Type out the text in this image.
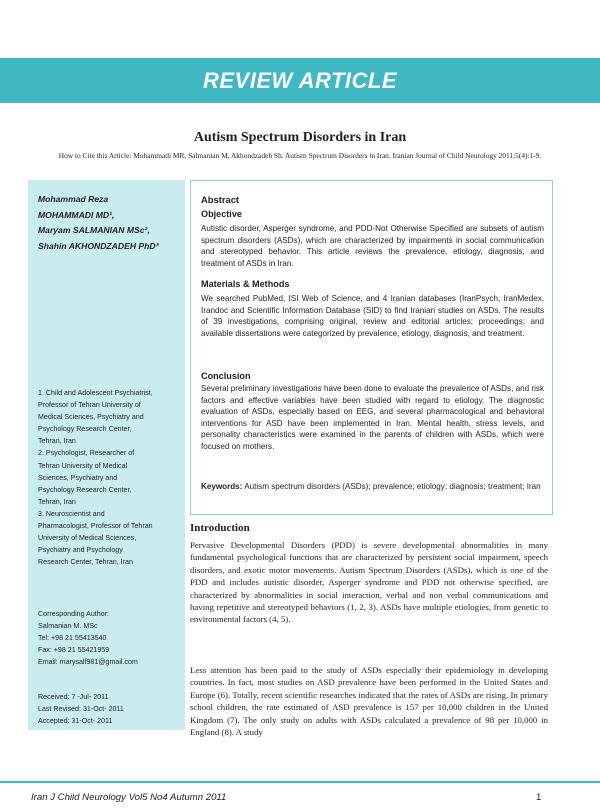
REVIEW ARTICLE
Autism Spectrum Disorders in Iran
How to Cite this Article: Mohammadi MR, Salmanian M, Akhondzadeh Sh. Autism Spectrum Disorders in Iran. Iranian Journal of Child Neurology 2011;5(4):1-9.
Mohammad Reza
MOHAMMADI MD¹,
Maryam SALMANIAN MSc²,
Shahin AKHONDZADEH PhD³
1. Child and Adolescent Psychiatrist,
Professor of Tehran University of
Medical Sciences, Psychiatry and
Psychology Research Center,
Tehran, Iran
2. Psychologist, Researcher of
Tehran University of Medical
Sciences, Psychiatry and
Psychology Research Center,
Tehran, Iran
3. Neuroscientist and
Pharmacologist, Professor of Tehran
University of Medical Sciences,
Psychiatry and Psychology
Research Center, Tehran, Iran
Corresponding Author:
Salmanian M. MSc
Tel: +98 21 55413540
Fax: +98 21 55421959
Email: marysalf981@gmail.com
Received: 7 -Jul- 2011
Last Revised: 31-Oct- 2011
Accepted: 31-Oct- 2011
Abstract
Objective
Autistic disorder, Asperger syndrome, and PDD-Not Otherwise Specified are subsets of autism spectrum disorders (ASDs), which are characterized by impairments in social communication and stereotyped behavior. This article reviews the prevalence, etiology, diagnosis, and treatment of ASDs in Iran.
Materials & Methods
We searched PubMed, ISI Web of Science, and 4 Iranian databases (IranPsych, IranMedex, Irandoc and Scientific Information Database (SID) to find Iranian studies on ASDs. The results of 39 investigations, comprising original, review and editorial articles; proceedings; and available dissertations were categorized by prevalence, etiology, diagnosis, and treatment.
Conclusion
Several preliminary investigations have been done to evaluate the prevalence of ASDs, and risk factors and effective variables have been studied with regard to etiology. The diagnostic evaluation of ASDs, especially based on EEG, and several pharmacological and behavioral interventions for ASD have been implemented in Iran. Mental health, stress levels, and personality characteristics were examined in the parents of children with ASDs, which were focused on mothers.
Keywords: Autism spectrum disorders (ASDs); prevalence; etiology; diagnosis; treatment; Iran
Introduction
Pervasive Developmental Disorders (PDD) is severe developmental abnormalities in many fundamental psychological functions that are characterized by persistent social impairment, speech disorders, and exotic motor movements. Autism Spectrum Disorders (ASDs), which is one of the PDD and includes autistic disorder, Asperger syndrome and PDD not otherwise specified, are characterized by abnormalities in social interaction, verbal and non verbal communications and having repetitive and stereotyped behaviors (1, 2, 3). ASDs have multiple etiologies, from genetic to environmental factors (4, 5).
Less attention has been paid to the study of ASDs especially their epidemiology in developing countries. In fact, most studies on ASD prevalence have been performed in the United States and Europe (6). Totally, recent scientific researches indicated that the rates of ASDs are rising. In primary school children, the rate estimated of ASD prevalence is 157 per 10,000 children in the United Kingdom (7). The only study on adults with ASDs calculated a prevalence of 98 per 10,000 in England (8). A study
Iran J Child Neurology Vol5 No4 Autumn 2011	1
